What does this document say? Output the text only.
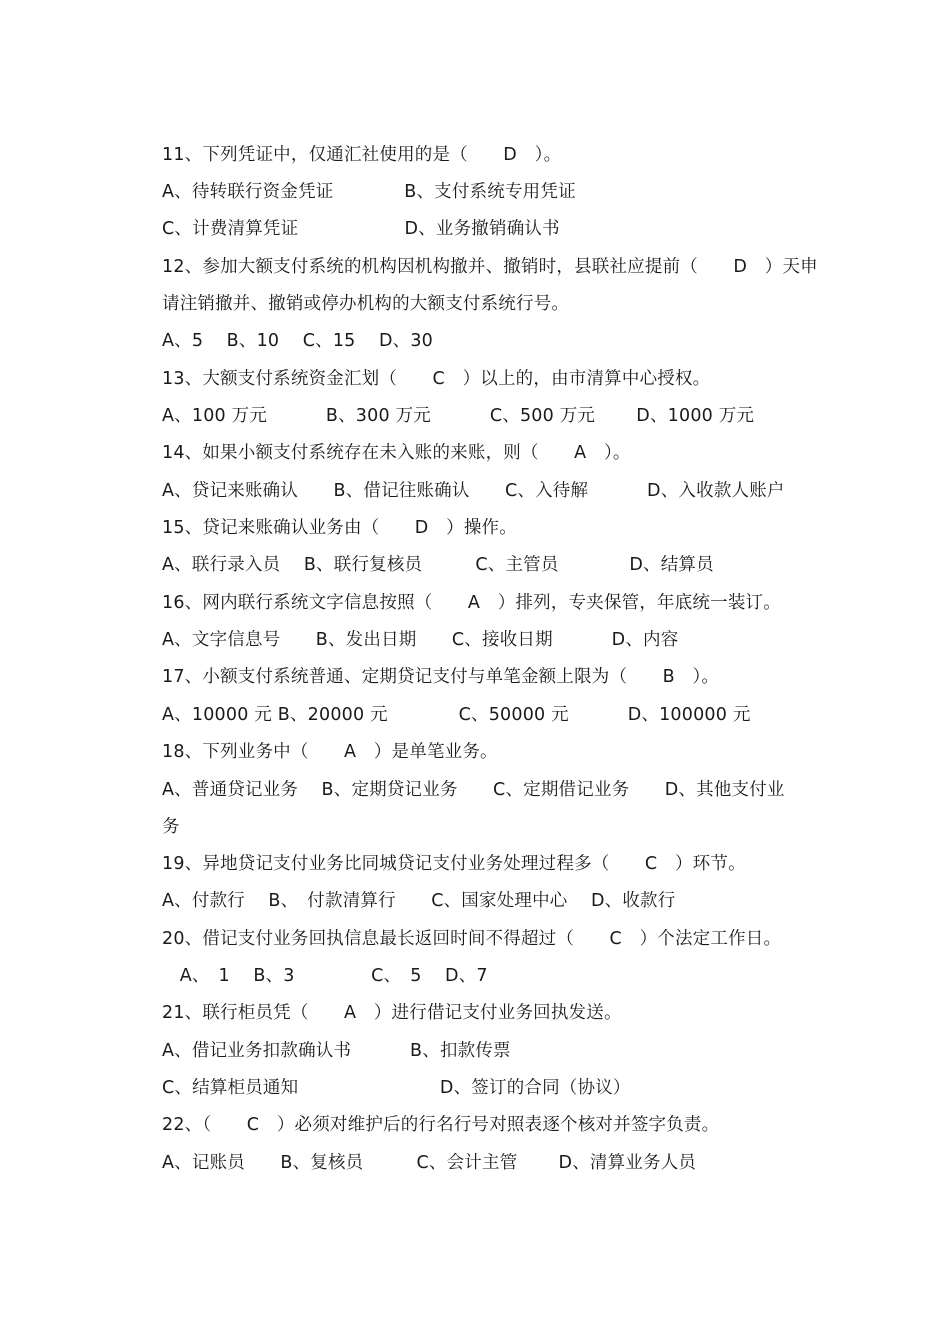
11、下列凭证中，仅通汇社使用的是（　　D　）。
A、待转联行资金凭证　　　　B、支付系统专用凭证
C、计费清算凭证　　　　　　D、业务撤销确认书
12、参加大额支付系统的机构因机构撤并、撤销时，县联社应提前（　　D　）天申
请注销撤并、撤销或停办机构的大额支付系统行号。
A、5　 B、10　 C、15　 D、30
13、大额支付系统资金汇划（　　C　）以上的，由市清算中心授权。
A、100 万元　　　 B、300 万元　　　 C、500 万元　　 D、1000 万元
14、如果小额支付系统存在未入账的来账，则（　　A　）。
A、贷记来账确认　　B、借记往账确认　　C、入待解　　　 D、入收款人账户
15、贷记来账确认业务由（　　D　）操作。
A、联行录入员　 B、联行复核员　　　C、主管员　　　　D、结算员
16、网内联行系统文字信息按照（　　A　）排列，专夹保管，年底统一装订。
A、文字信息号　　B、发出日期　　C、接收日期　　　 D、内容
17、小额支付系统普通、定期贷记支付与单笔金额上限为（　　B　）。
A、10000 元 B、20000 元　　　　C、50000 元　　　 D、100000 元
18、下列业务中（　　A　）是单笔业务。
A、普通贷记业务　 B、定期贷记业务　　C、定期借记业务　　D、其他支付业
务
19、异地贷记支付业务比同城贷记支付业务处理过程多（　　C　）环节。
A、付款行　 B、　付款清算行　　C、国家处理中心　 D、收款行
20、借记支付业务回执信息最长返回时间不得超过（　　C　）个法定工作日。
　A、　1　 B、3　　　　 C、　5　 D、7
21、联行柜员凭（　　A　）进行借记支付业务回执发送。
A、借记业务扣款确认书　　　 B、扣款传票
C、结算柜员通知　　　　　　　　D、签订的合同（协议）
22、（　　C　）必须对维护后的行名行号对照表逐个核对并签字负责。
A、记账员　　B、复核员　　　C、会计主管　　 D、清算业务人员
